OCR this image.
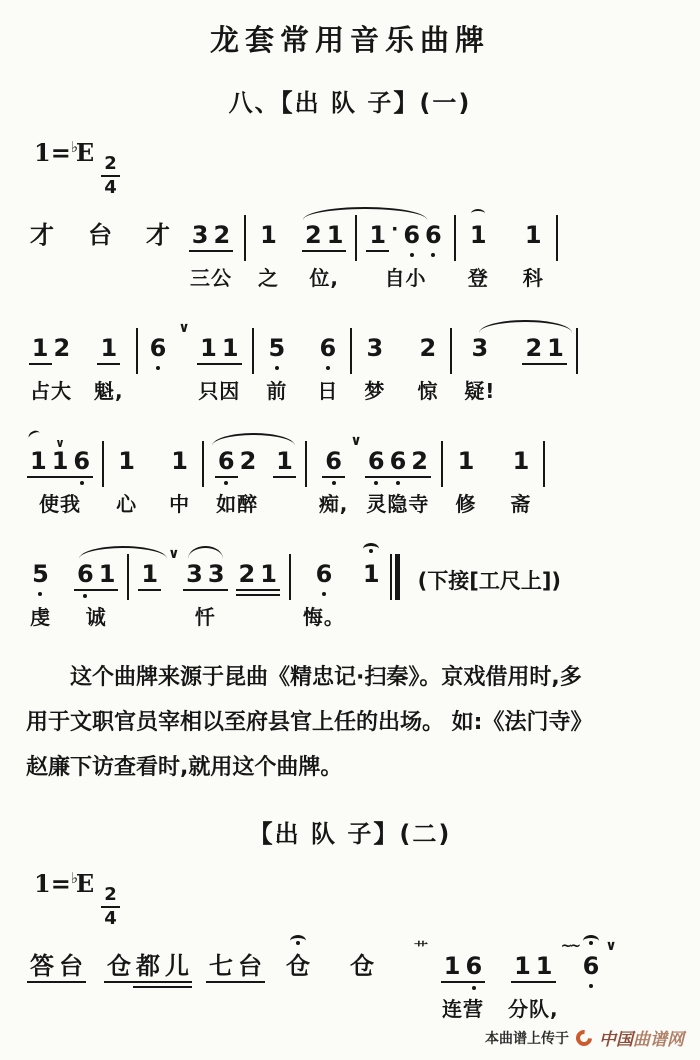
龙套常用音乐曲牌
八、【出 队 子】(一)
1=♭E
$\frac{2}{4}$
才 台 才 3 2
三公
1
之
2 1
位,
1 · 6 6
自小
1
登
1
科
1 2
占大
1
魁,
6
∨
1 1
只因
5
前
6
日
3
梦
2
惊
3
疑!
2 1
1 1
∨
6
使我
1
心
1
中
6 2
如醉
1 6
痴,
∨
6 6 2
灵隐寺
1
修
1
斋
5
虔
6 1
诚
1
∨
3 3
忏
2 1 6
悔。
1 (下接[工尺上])
这个曲牌来源于昆曲《精忠记·扫秦》。京戏借用时,多
用于文职官员宰相以至府县官上任的出场。 如:《法门寺》
赵廉下访查看时,就用这个曲牌。
【出 队 子】(二)
1=♭E
$\frac{2}{4}$
答 台 仓 都 儿 七 台 仓 仓
艹
1 6
连营
1 1
分队,
~~
6
∨
本曲谱上传于 中国曲谱网
